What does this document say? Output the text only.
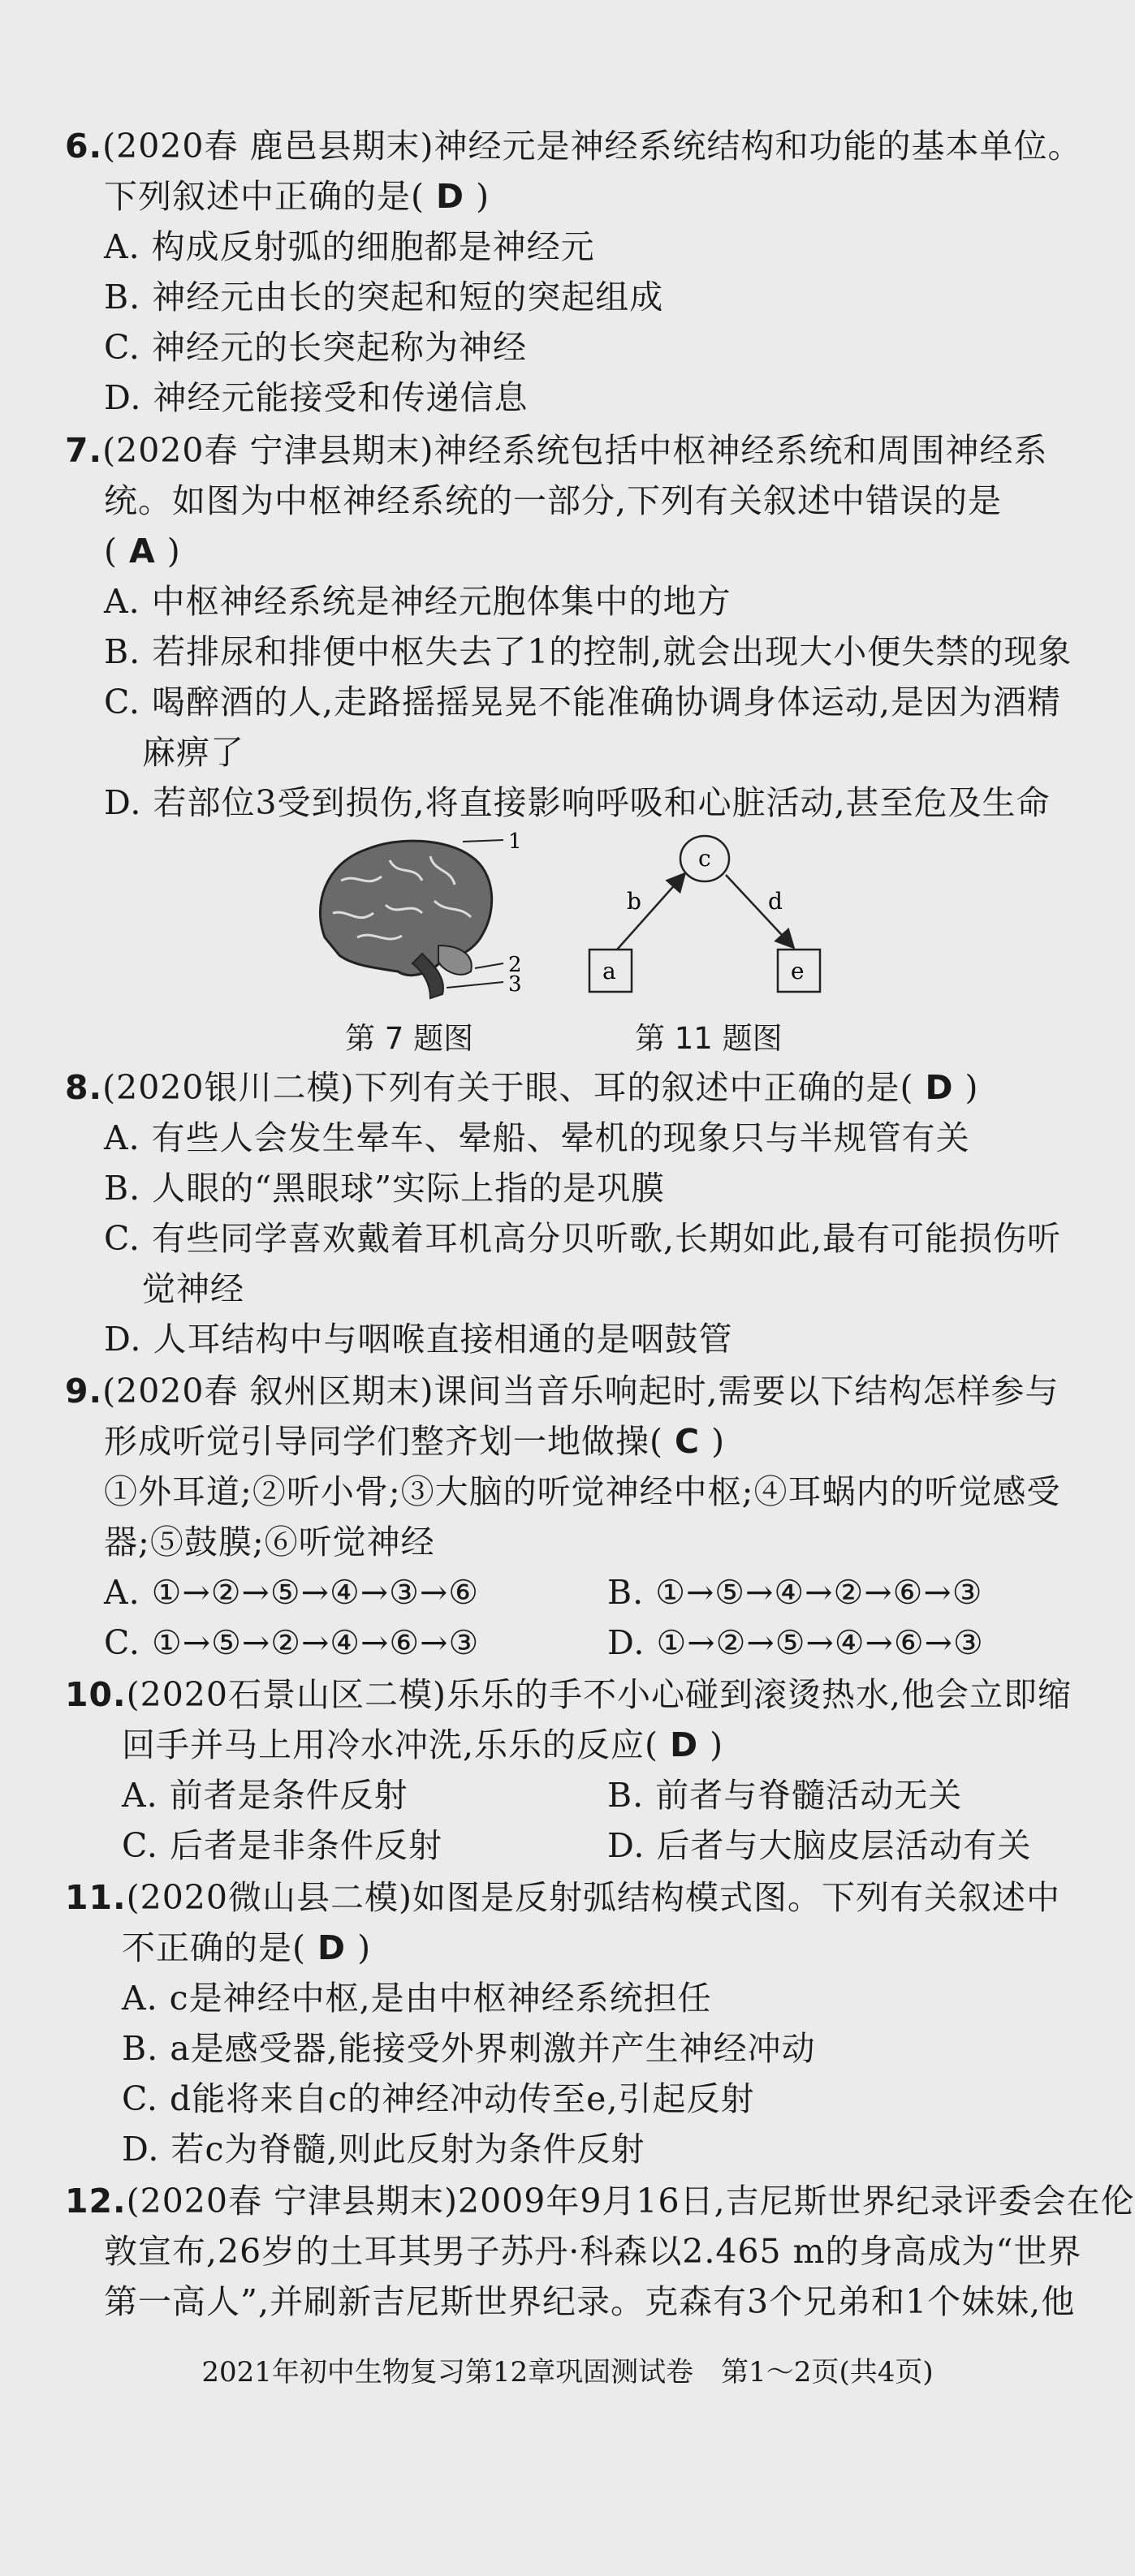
6.(2020春 鹿邑县期末)神经元是神经系统结构和功能的基本单位。
下列叙述中正确的是( D )
A. 构成反射弧的细胞都是神经元
B. 神经元由长的突起和短的突起组成
C. 神经元的长突起称为神经
D. 神经元能接受和传递信息
7.(2020春 宁津县期末)神经系统包括中枢神经系统和周围神经系
统。如图为中枢神经系统的一部分,下列有关叙述中错误的是
( A )
A. 中枢神经系统是神经元胞体集中的地方
B. 若排尿和排便中枢失去了1的控制,就会出现大小便失禁的现象
C. 喝醉酒的人,走路摇摇晃晃不能准确协调身体运动,是因为酒精
麻痹了
D. 若部位3受到损伤,将直接影响呼吸和心脏活动,甚至危及生命
1
2
3
第 7 题图
c
a	e
b	d
第 11 题图
8.(2020银川二模)下列有关于眼、耳的叙述中正确的是( D )
A. 有些人会发生晕车、晕船、晕机的现象只与半规管有关
B. 人眼的“黑眼球”实际上指的是巩膜
C. 有些同学喜欢戴着耳机高分贝听歌,长期如此,最有可能损伤听
觉神经
D. 人耳结构中与咽喉直接相通的是咽鼓管
9.(2020春 叙州区期末)课间当音乐响起时,需要以下结构怎样参与
形成听觉引导同学们整齐划一地做操( C )
①外耳道;②听小骨;③大脑的听觉神经中枢;④耳蜗内的听觉感受
器;⑤鼓膜;⑥听觉神经
A. ①→②→⑤→④→③→⑥	B. ①→⑤→④→②→⑥→③
C. ①→⑤→②→④→⑥→③	D. ①→②→⑤→④→⑥→③
10.(2020石景山区二模)乐乐的手不小心碰到滚烫热水,他会立即缩
回手并马上用冷水冲洗,乐乐的反应( D )
A. 前者是条件反射	B. 前者与脊髓活动无关
C. 后者是非条件反射	D. 后者与大脑皮层活动有关
11.(2020微山县二模)如图是反射弧结构模式图。下列有关叙述中
不正确的是( D )
A. c是神经中枢,是由中枢神经系统担任
B. a是感受器,能接受外界刺激并产生神经冲动
C. d能将来自c的神经冲动传至e,引起反射
D. 若c为脊髓,则此反射为条件反射
12.(2020春 宁津县期末)2009年9月16日,吉尼斯世界纪录评委会在伦
敦宣布,26岁的土耳其男子苏丹·科森以2.465 m的身高成为“世界
第一高人”,并刷新吉尼斯世界纪录。克森有3个兄弟和1个妹妹,他
2021年初中生物复习第12章巩固测试卷　第1～2页(共4页)
